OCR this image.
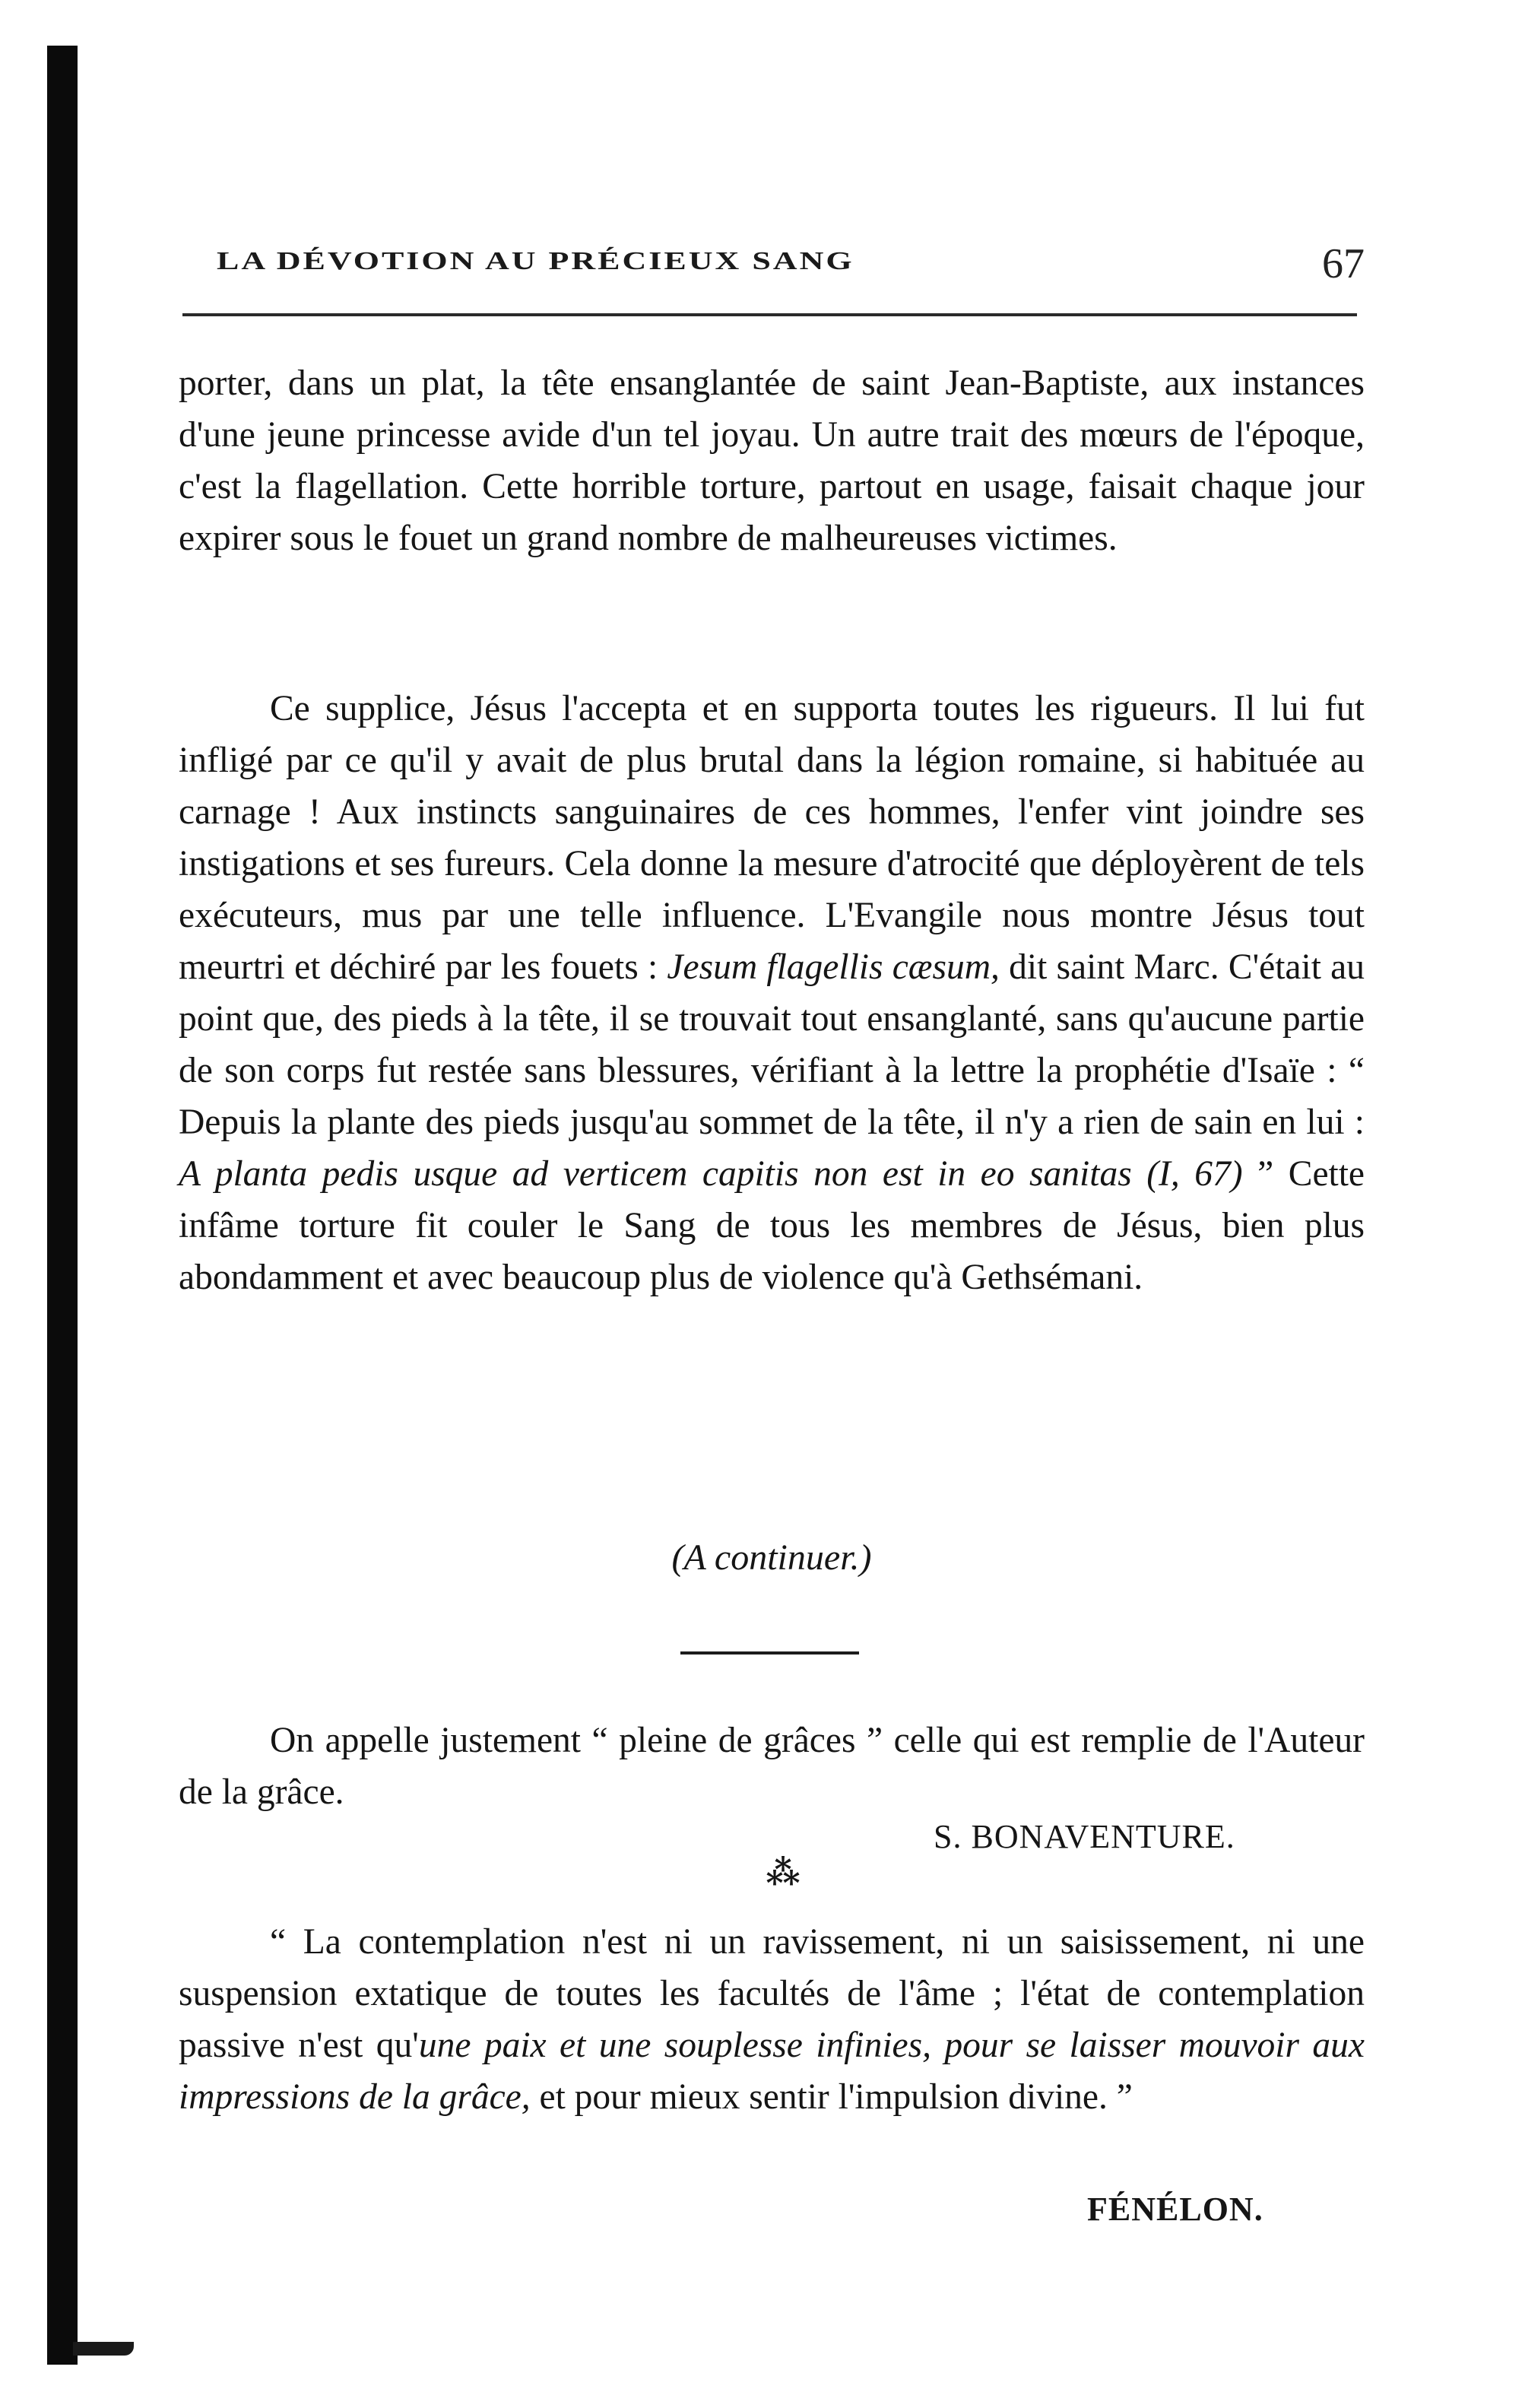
LA DÉVOTION AU PRÉCIEUX SANG	67

porter, dans un plat, la tête ensanglantée de saint Jean-Baptiste, aux instances d'une jeune princesse avide d'un tel joyau. Un autre trait des mœurs de l'époque, c'est la flagellation. Cette horrible torture, partout en usage, faisait chaque jour expirer sous le fouet un grand nombre de malheureuses victimes.

Ce supplice, Jésus l'accepta et en supporta toutes les rigueurs. Il lui fut infligé par ce qu'il y avait de plus brutal dans la légion romaine, si habituée au carnage ! Aux instincts sanguinaires de ces hommes, l'enfer vint joindre ses instigations et ses fureurs. Cela donne la mesure d'atrocité que déployèrent de tels exécuteurs, mus par une telle influence. L'Evangile nous montre Jésus tout meurtri et déchiré par les fouets : Jesum flagellis cæsum, dit saint Marc. C'était au point que, des pieds à la tête, il se trouvait tout ensanglanté, sans qu'aucune partie de son corps fut restée sans blessures, vérifiant à la lettre la prophétie d'Isaïe : “ Depuis la plante des pieds jusqu'au sommet de la tête, il n'y a rien de sain en lui : A planta pedis usque ad verticem capitis non est in eo sanitas (I, 67) ” Cette infâme torture fit couler le Sang de tous les membres de Jésus, bien plus abondamment et avec beaucoup plus de violence qu'à Gethsémani.

(A continuer.)

On appelle justement “ pleine de grâces ” celle qui est remplie de l'Auteur de la grâce.

S. BONAVENTURE.
⁂

“ La contemplation n'est ni un ravissement, ni un saisissement, ni une suspension extatique de toutes les facultés de l'âme ; l'état de contemplation passive n'est qu'une paix et une souplesse infinies, pour se laisser mouvoir aux impressions de la grâce, et pour mieux sentir l'impulsion divine. ”

FÉNÉLON.
